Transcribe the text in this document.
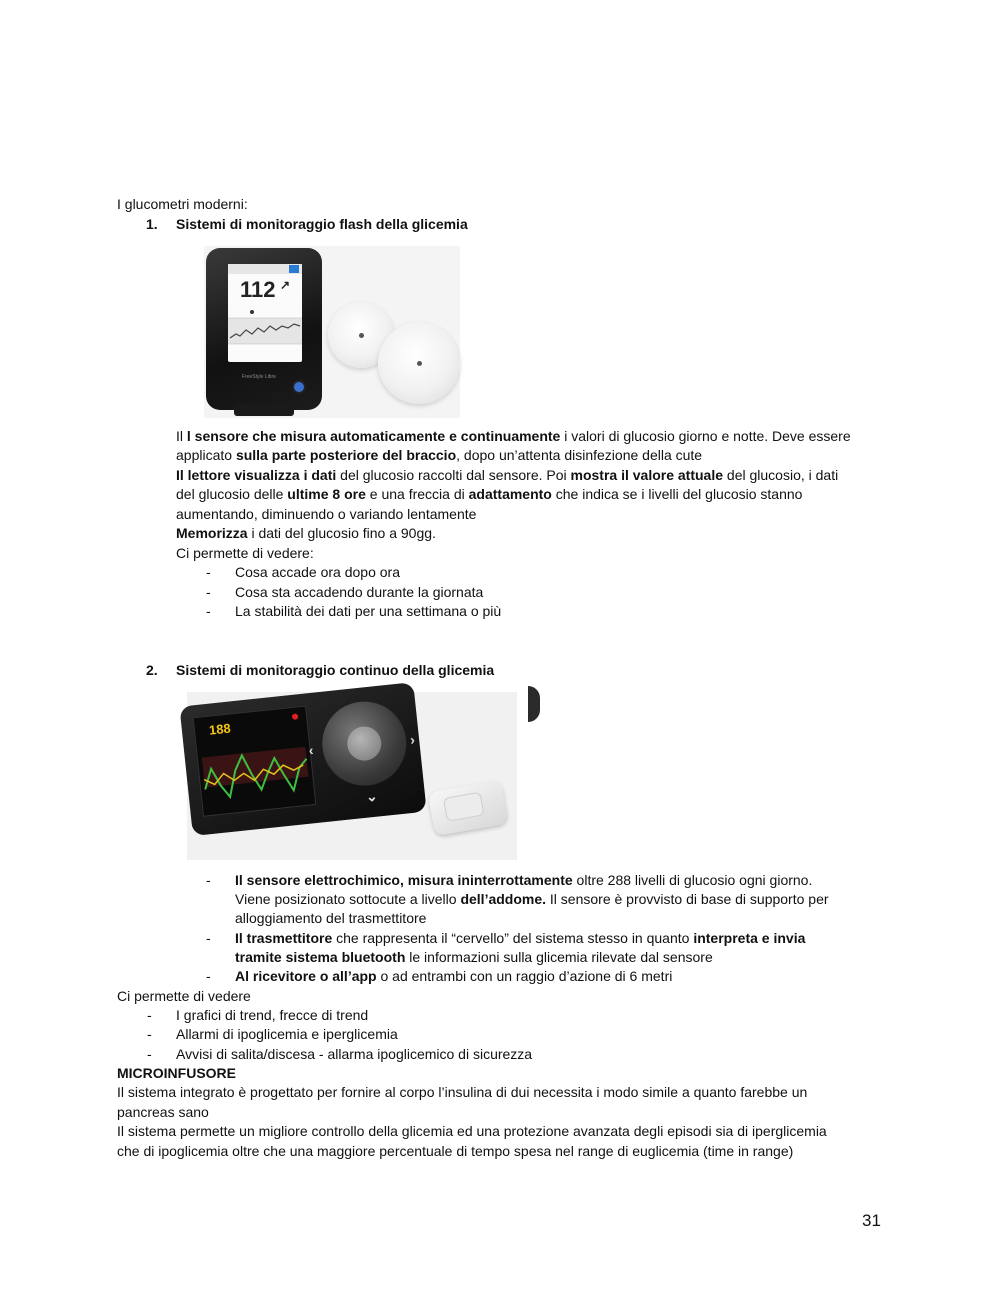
I glucometri moderni:
1. Sistemi di monitoraggio flash della glicemia
112 ↗
FreeStyle Libre
Il l sensore che misura automaticamente e continuamente i valori di glucosio giorno e notte. Deve essere
applicato sulla parte posteriore del braccio, dopo un’attenta disinfezione della cute
Il lettore visualizza i dati del glucosio raccolti dal sensore. Poi mostra il valore attuale del glucosio, i dati
del glucosio delle ultime 8 ore e una freccia di adattamento che indica se i livelli del glucosio stanno
aumentando, diminuendo o variando lentamente
Memorizza i dati del glucosio fino a 90gg.
Ci permette di vedere:
- Cosa accade ora dopo ora
- Cosa sta accadendo durante la giornata
- La stabilità dei dati per una settimana o più
2. Sistemi di monitoraggio continuo della glicemia
188
‹
›
⌄
- Il sensore elettrochimico, misura ininterrottamente oltre 288 livelli di glucosio ogni giorno.
Viene posizionato sottocute a livello dell’addome. Il sensore è provvisto di base di supporto per
alloggiamento del trasmettitore
- Il trasmettitore che rappresenta il “cervello” del sistema stesso in quanto interpreta e invia
tramite sistema bluetooth le informazioni sulla glicemia rilevate dal sensore
- Al ricevitore o all’app o ad entrambi con un raggio d’azione di 6 metri
Ci permette di vedere
- I grafici di trend, frecce di trend
- Allarmi di ipoglicemia e iperglicemia
- Avvisi di salita/discesa - allarma ipoglicemico di sicurezza
MICROINFUSORE
Il sistema integrato è progettato per fornire al corpo l’insulina di dui necessita i modo simile a quanto farebbe un
pancreas sano
Il sistema permette un migliore controllo della glicemia ed una protezione avanzata degli episodi sia di iperglicemia
che di ipoglicemia oltre che una maggiore percentuale di tempo spesa nel range di euglicemia (time in range)
31
